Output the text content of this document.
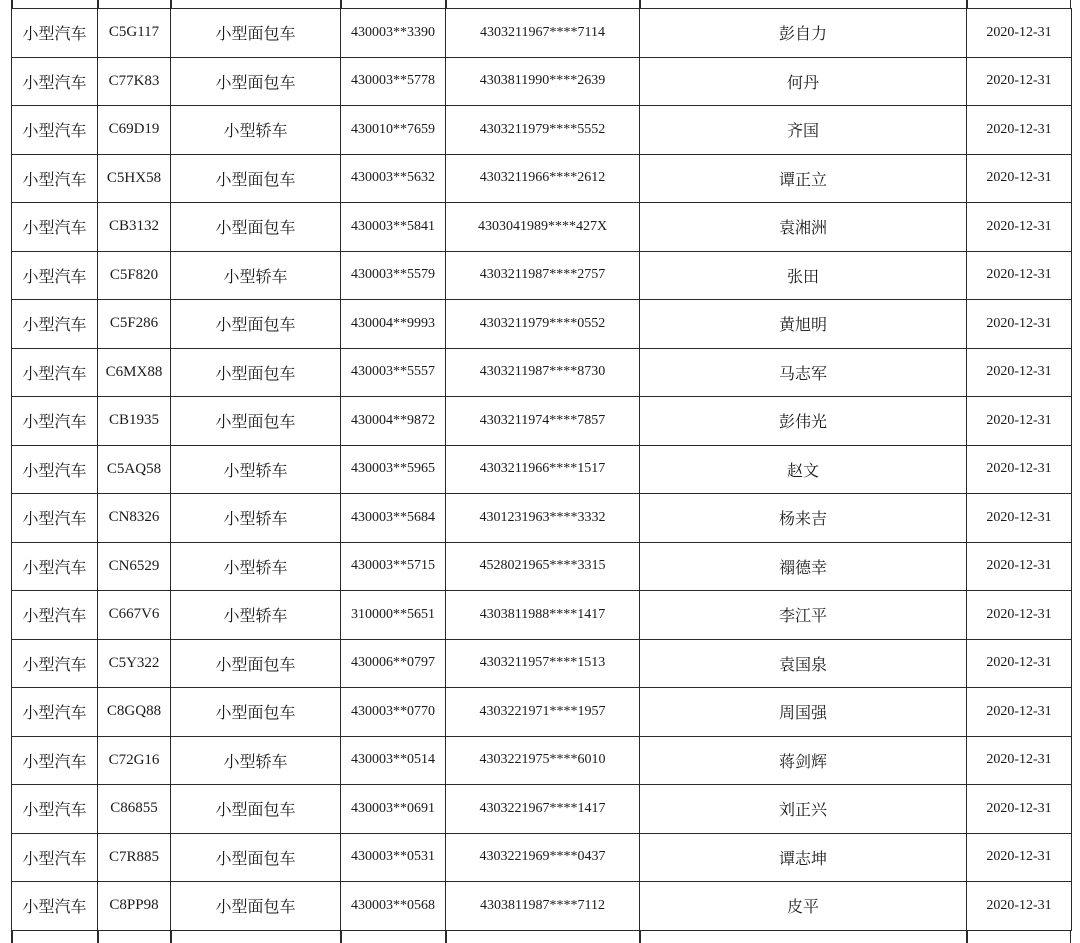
小型汽车	C5G117	小型面包车	430003**3390	4303211967****7114	彭自力	2020-12-31
小型汽车	C77K83	小型面包车	430003**5778	4303811990****2639	何丹	2020-12-31
小型汽车	C69D19	小型轿车	430010**7659	4303211979****5552	齐国	2020-12-31
小型汽车	C5HX58	小型面包车	430003**5632	4303211966****2612	谭正立	2020-12-31
小型汽车	CB3132	小型面包车	430003**5841	4303041989****427X	袁湘洲	2020-12-31
小型汽车	C5F820	小型轿车	430003**5579	4303211987****2757	张田	2020-12-31
小型汽车	C5F286	小型面包车	430004**9993	4303211979****0552	黄旭明	2020-12-31
小型汽车	C6MX88	小型面包车	430003**5557	4303211987****8730	马志军	2020-12-31
小型汽车	CB1935	小型面包车	430004**9872	4303211974****7857	彭伟光	2020-12-31
小型汽车	C5AQ58	小型轿车	430003**5965	4303211966****1517	赵文	2020-12-31
小型汽车	CN8326	小型轿车	430003**5684	4301231963****3332	杨来吉	2020-12-31
小型汽车	CN6529	小型轿车	430003**5715	4528021965****3315	禤德幸	2020-12-31
小型汽车	C667V6	小型轿车	310000**5651	4303811988****1417	李江平	2020-12-31
小型汽车	C5Y322	小型面包车	430006**0797	4303211957****1513	袁国泉	2020-12-31
小型汽车	C8GQ88	小型面包车	430003**0770	4303221971****1957	周国强	2020-12-31
小型汽车	C72G16	小型轿车	430003**0514	4303221975****6010	蒋剑辉	2020-12-31
小型汽车	C86855	小型面包车	430003**0691	4303221967****1417	刘正兴	2020-12-31
小型汽车	C7R885	小型面包车	430003**0531	4303221969****0437	谭志坤	2020-12-31
小型汽车	C8PP98	小型面包车	430003**0568	4303811987****7112	皮平	2020-12-31
